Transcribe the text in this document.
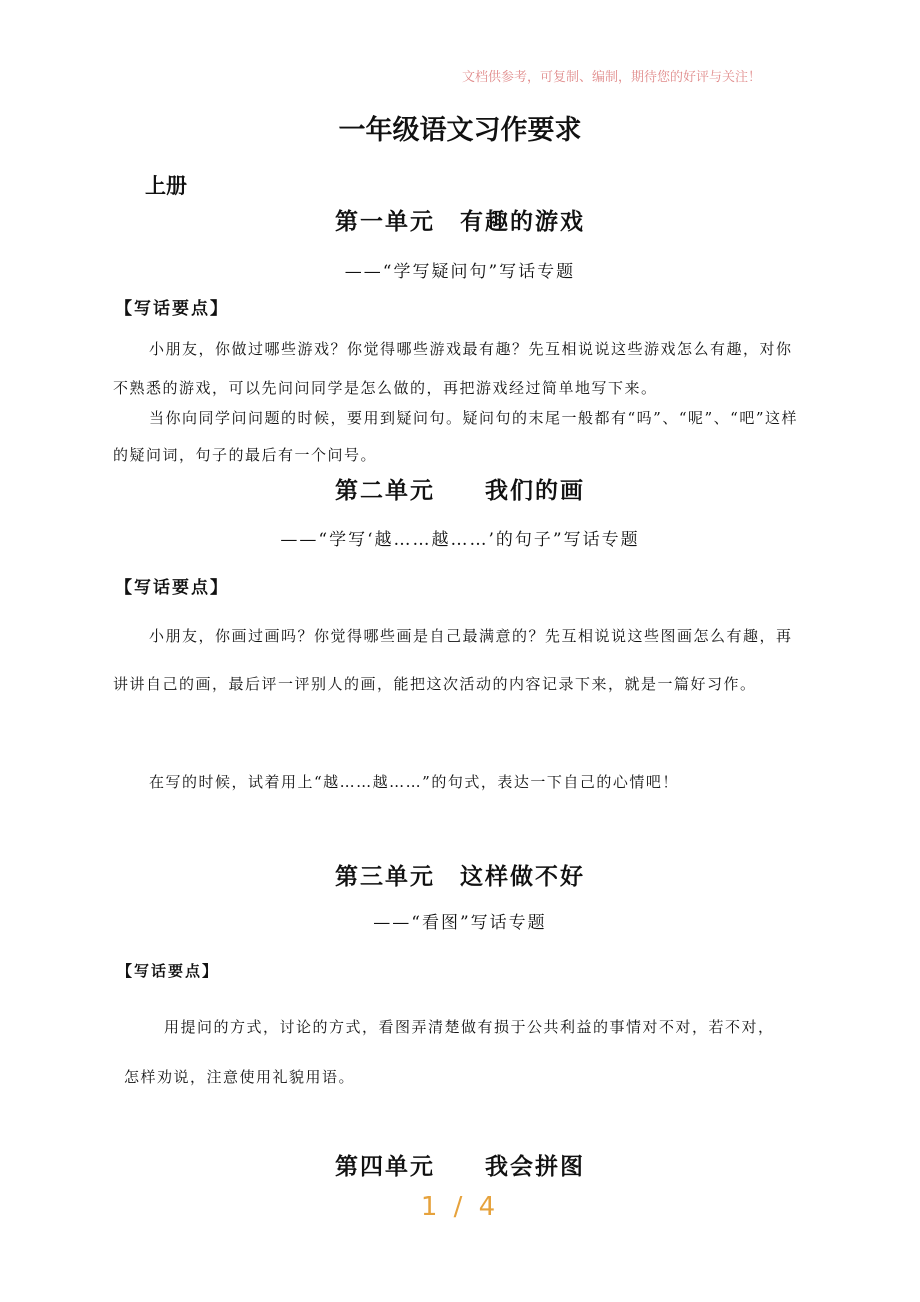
文档供参考，可复制、编制，期待您的好评与关注！
一年级语文习作要求
上册
第一单元　有趣的游戏
——“学写疑问句”写话专题
【写话要点】
小朋友，你做过哪些游戏？你觉得哪些游戏最有趣？先互相说说这些游戏怎么有趣，对你不熟悉的游戏，可以先问问同学是怎么做的，再把游戏经过简单地写下来。
当你向同学问问题的时候，要用到疑问句。疑问句的末尾一般都有“吗”、“呢”、“吧”这样的疑问词，句子的最后有一个问号。
第二单元　　我们的画
——“学写‘越……越……’的句子”写话专题
【写话要点】
小朋友，你画过画吗？你觉得哪些画是自己最满意的？先互相说说这些图画怎么有趣，再讲讲自己的画，最后评一评别人的画，能把这次活动的内容记录下来，就是一篇好习作。
在写的时候，试着用上“越……越……”的句式，表达一下自己的心情吧！
第三单元　这样做不好
——“看图”写话专题
【写话要点】
用提问的方式，讨论的方式，看图弄清楚做有损于公共利益的事情对不对，若不对，怎样劝说，注意使用礼貌用语。
第四单元　　我会拼图
1 / 4
